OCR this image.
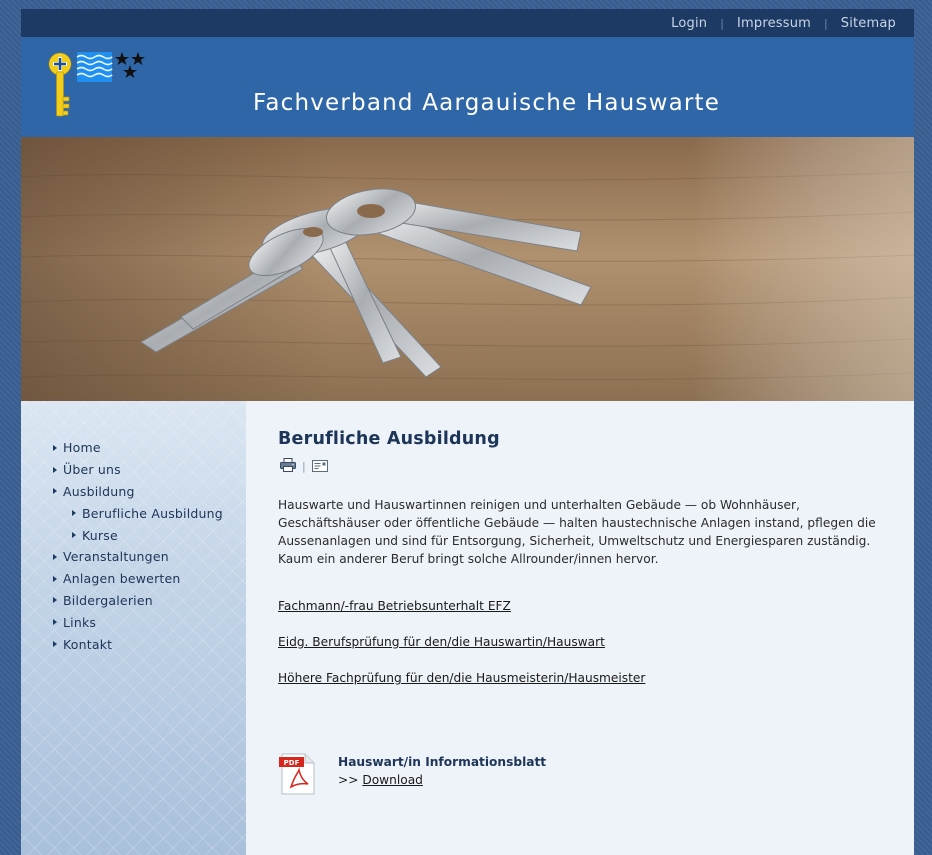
Login | Impressum | Sitemap
Fachverband Aargauische Hauswarte
Home
Über uns
Ausbildung
Berufliche Ausbildung
Kurse
Veranstaltungen
Anlagen bewerten
Bildergalerien
Links
Kontakt
Berufliche Ausbildung
|

Hauswarte und Hauswartinnen reinigen und unterhalten Gebäude — ob Wohnhäuser, Geschäftshäuser oder öffentliche Gebäude — halten haustechnische Anlagen instand, pflegen die Aussenanlagen und sind für Entsorgung, Sicherheit, Umweltschutz und Energiesparen zuständig.
Kaum ein anderer Beruf bringt solche Allrounder/innen hervor.

Fachmann/-frau Betriebsunterhalt EFZ
Eidg. Berufsprüfung für den/die Hauswartin/Hauswart
Höhere Fachprüfung für den/die Hausmeisterin/Hausmeister
PDF	Hauswart/in Informationsblatt
>> Download
